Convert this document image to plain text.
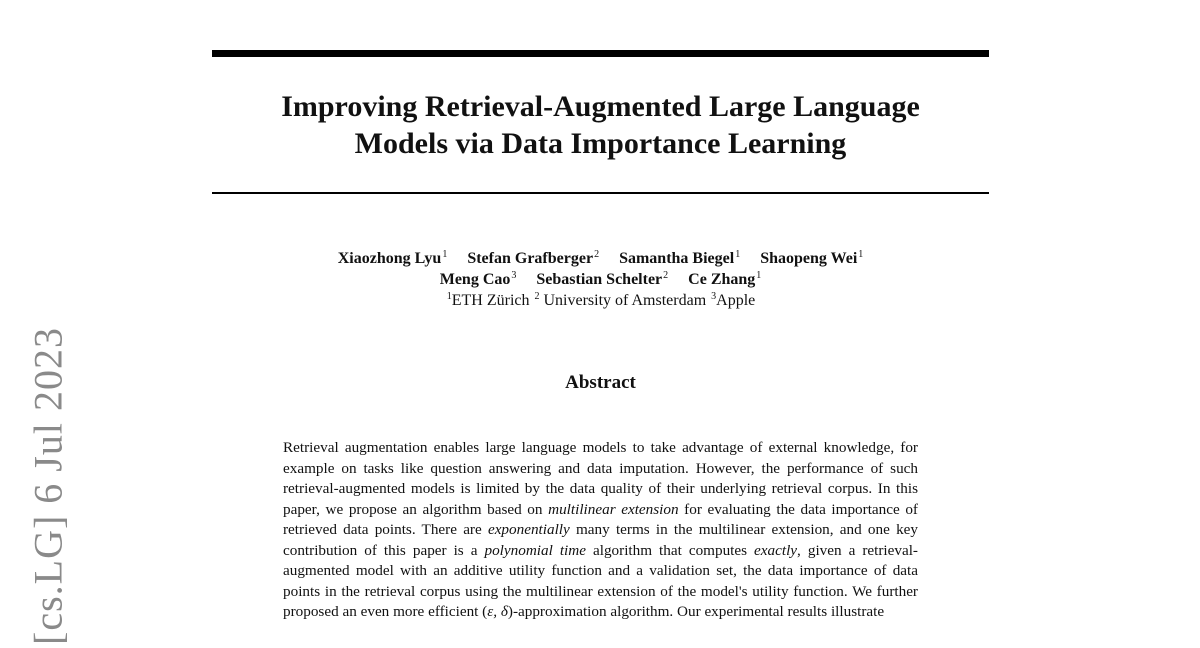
Improving Retrieval-Augmented Large Language
Models via Data Importance Learning
Xiaozhong Lyu$^1$ Stefan Grafberger$^2$ Samantha Biegel$^1$ Shaopeng Wei$^1$
Meng Cao$^3$ Sebastian Schelter$^2$ Ce Zhang$^1$
$^1$ETH Zürich $^2$ University of Amsterdam $^3$Apple
Abstract

Retrieval augmentation enables large language models to take advantage of external knowledge, for example on tasks like question answering and data imputation. However, the performance of such retrieval-augmented models is limited by the data quality of their underlying retrieval corpus. In this paper, we propose an algorithm based on multilinear extension for evaluating the data importance of retrieved data points. There are exponentially many terms in the multilinear extension, and one key contribution of this paper is a polynomial time algorithm that computes exactly, given a retrieval-augmented model with an additive utility function and a validation set, the data importance of data points in the retrieval corpus using the multilinear extension of the model's utility function. We further proposed an even more efficient (ε, δ)-approximation algorithm. Our experimental results illustrate

[cs.LG] 6 Jul 2023
